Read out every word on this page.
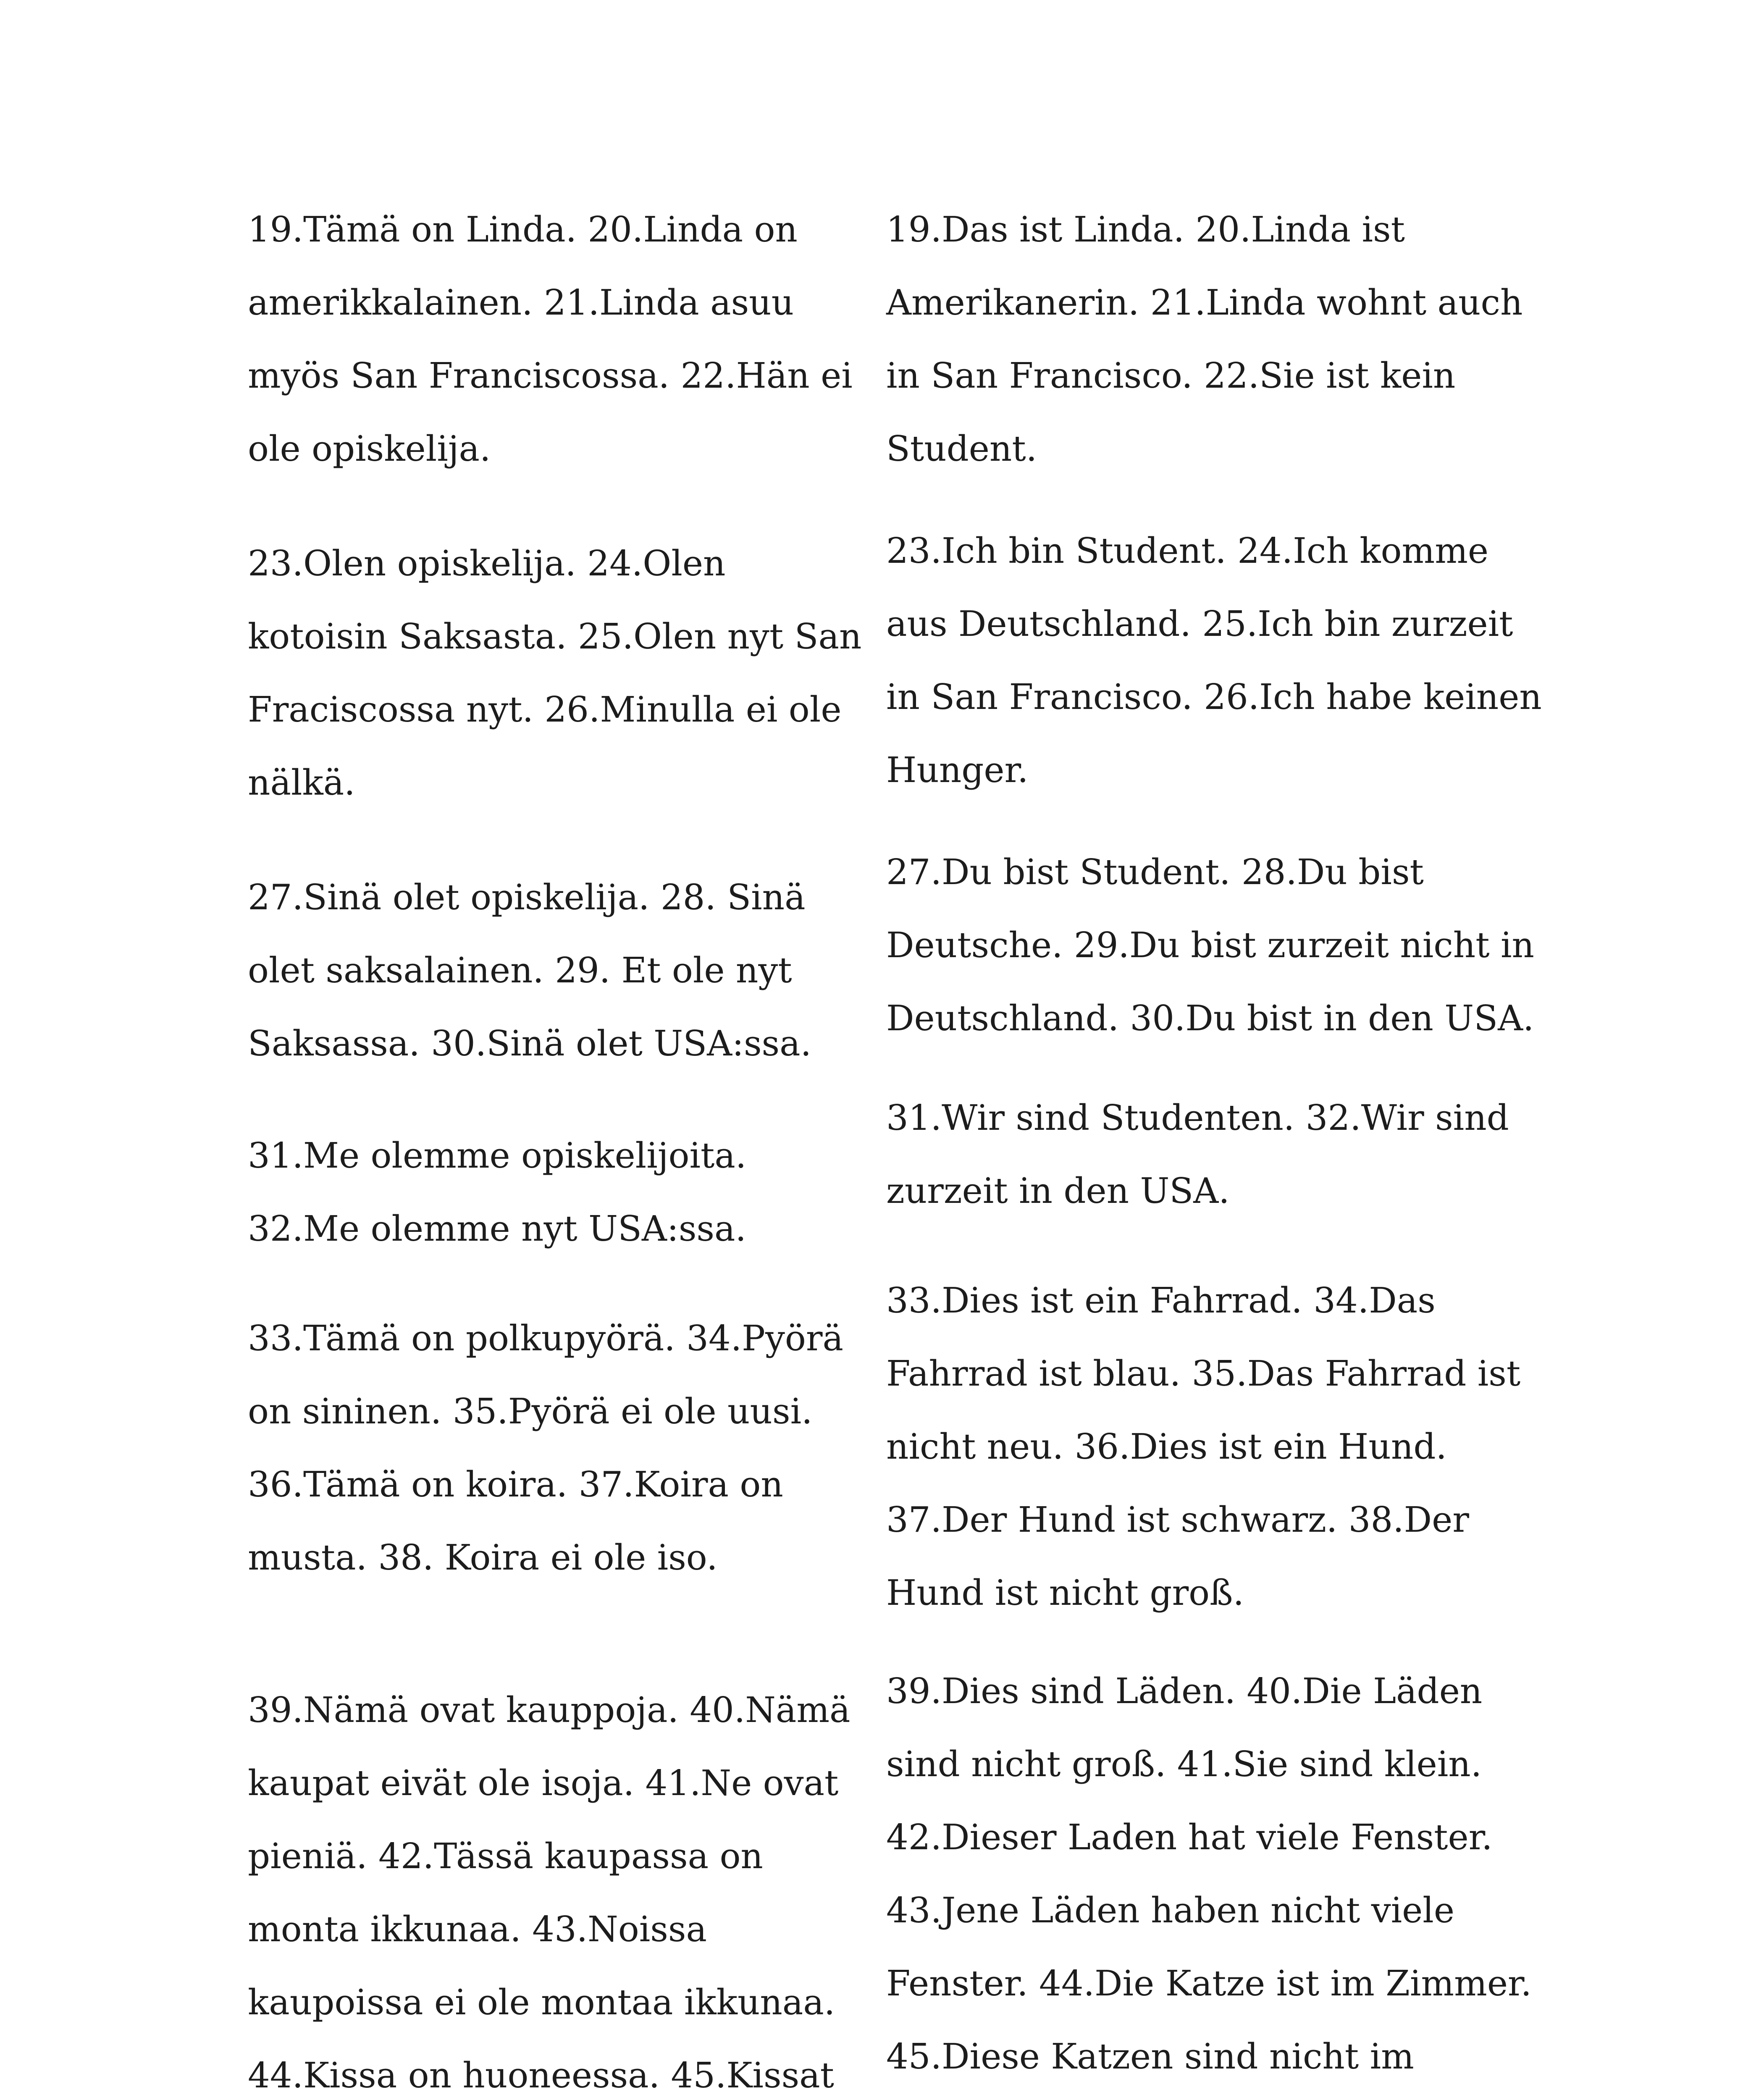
19.Tämä on Linda. 20.Linda on
amerikkalainen. 21.Linda asuu
myös San Franciscossa. 22.Hän ei
ole opiskelija.
23.Olen opiskelija. 24.Olen
kotoisin Saksasta. 25.Olen nyt San
Fraciscossa nyt. 26.Minulla ei ole
nälkä.
27.Sinä olet opiskelija. 28. Sinä
olet saksalainen. 29. Et ole nyt
Saksassa. 30.Sinä olet USA:ssa.
31.Me olemme opiskelijoita.
32.Me olemme nyt USA:ssa.
33.Tämä on polkupyörä. 34.Pyörä
on sininen. 35.Pyörä ei ole uusi.
36.Tämä on koira. 37.Koira on
musta. 38. Koira ei ole iso.
39.Nämä ovat kauppoja. 40.Nämä
kaupat eivät ole isoja. 41.Ne ovat
pieniä. 42.Tässä kaupassa on
monta ikkunaa. 43.Noissa
kaupoissa ei ole montaa ikkunaa.
44.Kissa on huoneessa. 45.Kissat
19.Das ist Linda. 20.Linda ist
Amerikanerin. 21.Linda wohnt auch
in San Francisco. 22.Sie ist kein
Student.
23.Ich bin Student. 24.Ich komme
aus Deutschland. 25.Ich bin zurzeit
in San Francisco. 26.Ich habe keinen
Hunger.
27.Du bist Student. 28.Du bist
Deutsche. 29.Du bist zurzeit nicht in
Deutschland. 30.Du bist in den USA.
31.Wir sind Studenten. 32.Wir sind
zurzeit in den USA.
33.Dies ist ein Fahrrad. 34.Das
Fahrrad ist blau. 35.Das Fahrrad ist
nicht neu. 36.Dies ist ein Hund.
37.Der Hund ist schwarz. 38.Der
Hund ist nicht groß.
39.Dies sind Läden. 40.Die Läden
sind nicht groß. 41.Sie sind klein.
42.Dieser Laden hat viele Fenster.
43.Jene Läden haben nicht viele
Fenster. 44.Die Katze ist im Zimmer.
45.Diese Katzen sind nicht im
